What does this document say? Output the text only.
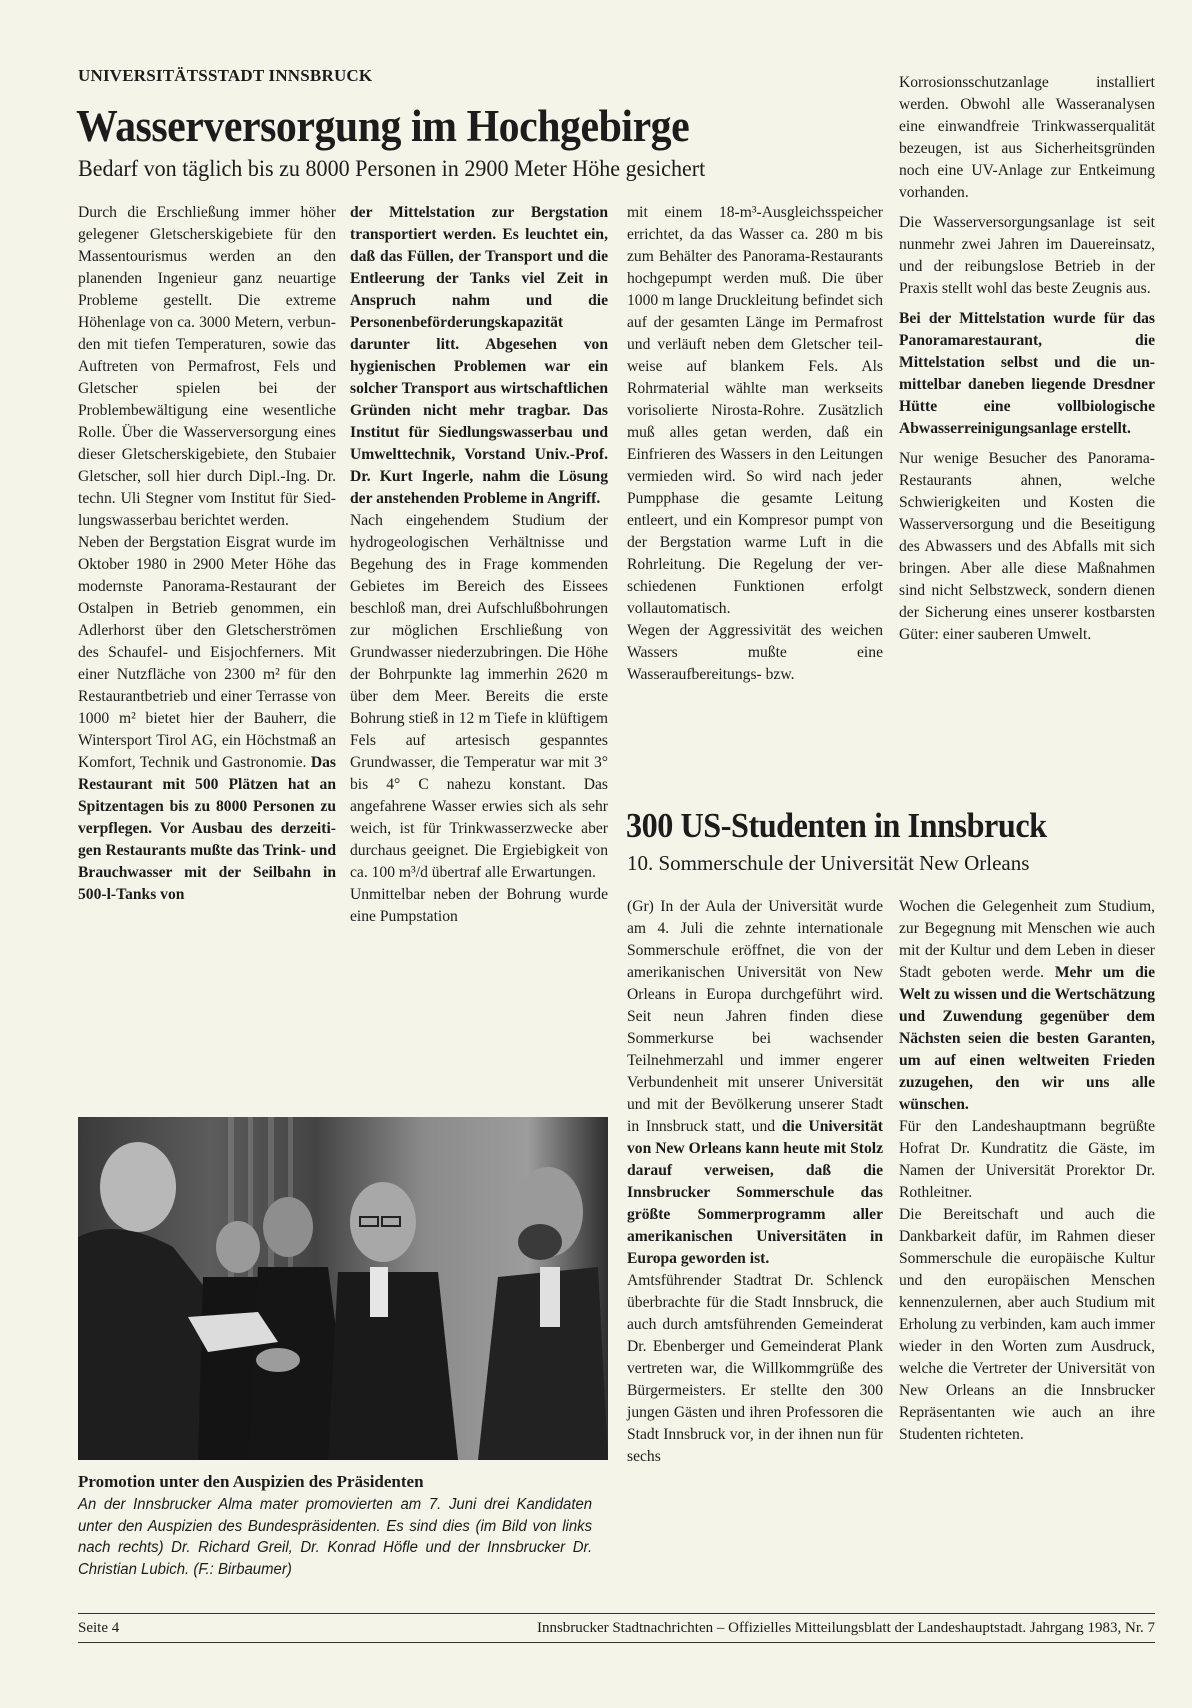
UNIVERSITÄTSSTADT INNSBRUCK
Wasserversorgung im Hochgebirge
Bedarf von täglich bis zu 8000 Personen in 2900 Meter Höhe gesichert

Durch die Erschließung immer höher gelegener Gletscherskigebiete für den Massentourismus werden an den planenden Ingenieur ganz neuartige Probleme gestellt. Die extreme Höhenlage von ca. 3000 Metern, verbunden mit tiefen Temperaturen, sowie das Auftreten von Permafrost, Fels und Gletscher spielen bei der Problembewältigung eine wesentliche Rolle. Über die Wasserversorgung eines dieser Gletscherskigebiete, den Stubaier Gletscher, soll hier durch Dipl.-Ing. Dr. techn. Uli Stegner vom Institut für Siedlungswasserbau berichtet werden.

Neben der Bergstation Eisgrat wurde im Oktober 1980 in 2900 Meter Höhe das modernste Panorama-Restaurant der Ostalpen in Betrieb genommen, ein Adlerhorst über den Gletscherströmen des Schaufel- und Eisjochferners. Mit einer Nutzfläche von 2300 m² für den Restaurantbetrieb und einer Terrasse von 1000 m² bietet hier der Bauherr, die Wintersport Tirol AG, ein Höchstmaß an Komfort, Technik und Gastronomie. Das Restaurant mit 500 Plätzen hat an Spitzentagen bis zu 8000 Personen zu verpflegen. Vor Ausbau des derzeitigen Restaurants mußte das Trink- und Brauchwasser mit der Seilbahn in 500-l-Tanks von

der Mittelstation zur Bergstation transportiert werden. Es leuchtet ein, daß das Füllen, der Transport und die Entleerung der Tanks viel Zeit in Anspruch nahm und die Personenbeförderungskapazität darunter litt. Abgesehen von hygienischen Problemen war ein solcher Transport aus wirtschaftlichen Gründen nicht mehr tragbar. Das Institut für Siedlungswasserbau und Umwelttechnik, Vorstand Univ.-Prof. Dr. Kurt Ingerle, nahm die Lösung der anstehenden Probleme in Angriff.

Nach eingehendem Studium der hydrogeologischen Verhältnisse und Begehung des in Frage kommenden Gebietes im Bereich des Eissees beschloß man, drei Aufschlußbohrungen zur möglichen Erschließung von Grundwasser niederzubringen. Die Höhe der Bohrpunkte lag immerhin 2620 m über dem Meer. Bereits die erste Bohrung stieß in 12 m Tiefe in klüftigem Fels auf artesisch gespanntes Grundwasser, die Temperatur war mit 3° bis 4° C nahezu konstant. Das angefahrene Wasser erwies sich als sehr weich, ist für Trinkwasserzwecke aber durchaus geeignet. Die Ergiebigkeit von ca. 100 m³/d übertraf alle Erwartungen.

Unmittelbar neben der Bohrung wurde eine Pumpstation

mit einem 18-m³-Ausgleichsspeicher errichtet, da das Wasser ca. 280 m bis zum Behälter des Panorama-Restaurants hochgepumpt werden muß. Die über 1000 m lange Druckleitung befindet sich auf der gesamten Länge im Permafrost und verläuft neben dem Gletscher teilweise auf blankem Fels. Als Rohrmaterial wählte man werkseits vorisolierte Nirosta-Rohre. Zusätzlich muß alles getan werden, daß ein Einfrieren des Wassers in den Leitungen vermieden wird. So wird nach jeder Pumpphase die gesamte Leitung entleert, und ein Kompresor pumpt von der Bergstation warme Luft in die Rohrleitung. Die Regelung der verschiedenen Funktionen erfolgt vollautomatisch.

Wegen der Aggressivität des weichen Wassers mußte eine Wasseraufbereitungs- bzw.

Korrosionsschutzanlage installiert werden. Obwohl alle Wasseranalysen eine einwandfreie Trinkwasserqualität bezeugen, ist aus Sicherheitsgründen noch eine UV-Anlage zur Entkeimung vorhanden.

Die Wasserversorgungsanlage ist seit nunmehr zwei Jahren im Dauereinsatz, und der reibungslose Betrieb in der Praxis stellt wohl das beste Zeugnis aus.

Bei der Mittelstation wurde für das Panoramarestaurant, die Mittelstation selbst und die unmittelbar daneben liegende Dresdner Hütte eine vollbiologische Abwasserreinigungsanlage erstellt.

Nur wenige Besucher des Panorama-Restaurants ahnen, welche Schwierigkeiten und Kosten die Wasserversorgung und die Beseitigung des Abwassers und des Abfalls mit sich bringen. Aber alle diese Maßnahmen sind nicht Selbstzweck, sondern dienen der Sicherung eines unserer kostbarsten Güter: einer sauberen Umwelt.

Promotion unter den Auspizien des Präsidenten
An der Innsbrucker Alma mater promovierten am 7. Juni drei Kandidaten unter den Auspizien des Bundespräsidenten. Es sind dies (im Bild von links nach rechts) Dr. Richard Greil, Dr. Konrad Höfle und der Innsbrucker Dr. Christian Lubich. (F.: Birbaumer)
300 US-Studenten in Innsbruck
10. Sommerschule der Universität New Orleans

(Gr) In der Aula der Universität wurde am 4. Juli die zehnte internationale Sommerschule eröffnet, die von der amerikanischen Universität von New Orleans in Europa durchgeführt wird. Seit neun Jahren finden diese Sommerkurse bei wachsender Teilnehmerzahl und immer engerer Verbundenheit mit unserer Universität und mit der Bevölkerung unserer Stadt in Innsbruck statt, und die Universität von New Orleans kann heute mit Stolz darauf verweisen, daß die Innsbrucker Sommerschule das größte Sommerprogramm aller amerikanischen Universitäten in Europa geworden ist.

Amtsführender Stadtrat Dr. Schlenck überbrachte für die Stadt Innsbruck, die auch durch amtsführenden Gemeinderat Dr. Ebenberger und Gemeinderat Plank vertreten war, die Willkommgrüße des Bürgermeisters. Er stellte den 300 jungen Gästen und ihren Professoren die Stadt Innsbruck vor, in der ihnen nun für sechs

Wochen die Gelegenheit zum Studium, zur Begegnung mit Menschen wie auch mit der Kultur und dem Leben in dieser Stadt geboten werde. Mehr um die Welt zu wissen und die Wertschätzung und Zuwendung gegenüber dem Nächsten seien die besten Garanten, um auf einen weltweiten Frieden zuzugehen, den wir uns alle wünschen.

Für den Landeshauptmann begrüßte Hofrat Dr. Kundratitz die Gäste, im Namen der Universität Prorektor Dr. Rothleitner.

Die Bereitschaft und auch die Dankbarkeit dafür, im Rahmen dieser Sommerschule die europäische Kultur und den europäischen Menschen kennenzulernen, aber auch Studium mit Erholung zu verbinden, kam auch immer wieder in den Worten zum Ausdruck, welche die Vertreter der Universität von New Orleans an die Innsbrucker Repräsentanten wie auch an ihre Studenten richteten.

Seite 4	Innsbrucker Stadtnachrichten – Offizielles Mitteilungsblatt der Landeshauptstadt. Jahrgang 1983, Nr. 7
